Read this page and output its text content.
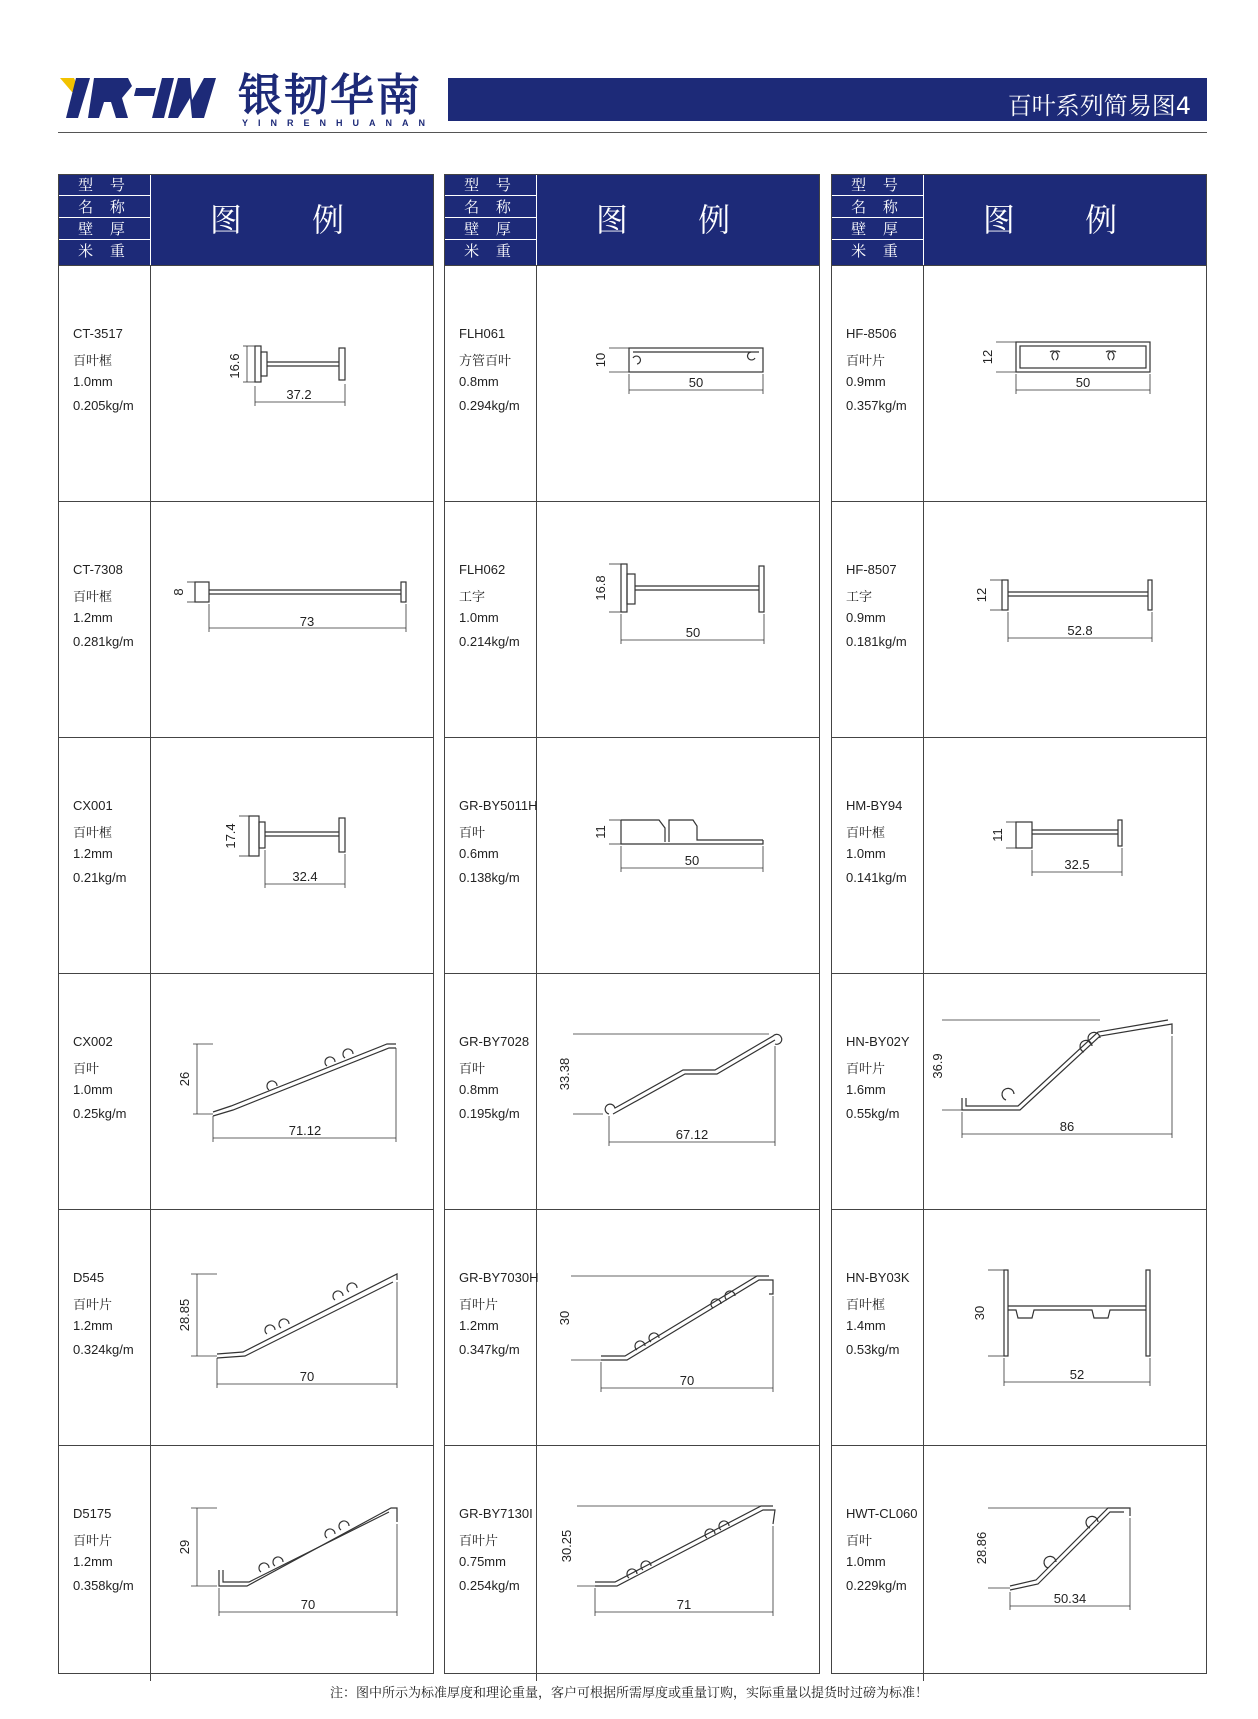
银韧华南
YINRENHUANAN
百叶系列简易图4
型 号
名 称
壁 厚
米 重
图 例
CT-3517
百叶框
1.0mm
0.205kg/m
16.6
37.2
CT-7308
百叶框
1.2mm
0.281kg/m
8
73
CX001
百叶框
1.2mm
0.21kg/m
17.4
32.4
CX002
百叶
1.0mm
0.25kg/m
26
71.12
D545
百叶片
1.2mm
0.324kg/m
28.85
70
D5175
百叶片
1.2mm
0.358kg/m
29
70
型 号
名 称
壁 厚
米 重
图 例
FLH061
方管百叶
0.8mm
0.294kg/m
10
50
FLH062
工字
1.0mm
0.214kg/m
16.8
50
GR-BY5011H
百叶
0.6mm
0.138kg/m
11
50
GR-BY7028
百叶
0.8mm
0.195kg/m
33.38
67.12
GR-BY7030H
百叶片
1.2mm
0.347kg/m
30
70
GR-BY7130I
百叶片
0.75mm
0.254kg/m
30.25
71
型 号
名 称
壁 厚
米 重
图 例
HF-8506
百叶片
0.9mm
0.357kg/m
12
50
HF-8507
工字
0.9mm
0.181kg/m
12
52.8
HM-BY94
百叶框
1.0mm
0.141kg/m
11
32.5
HN-BY02Y
百叶片
1.6mm
0.55kg/m
36.9
86
HN-BY03K
百叶框
1.4mm
0.53kg/m
30
52
HWT-CL060
百叶
1.0mm
0.229kg/m
28.86
50.34
注：图中所示为标准厚度和理论重量，客户可根据所需厚度或重量订购，实际重量以提货时过磅为标准！
